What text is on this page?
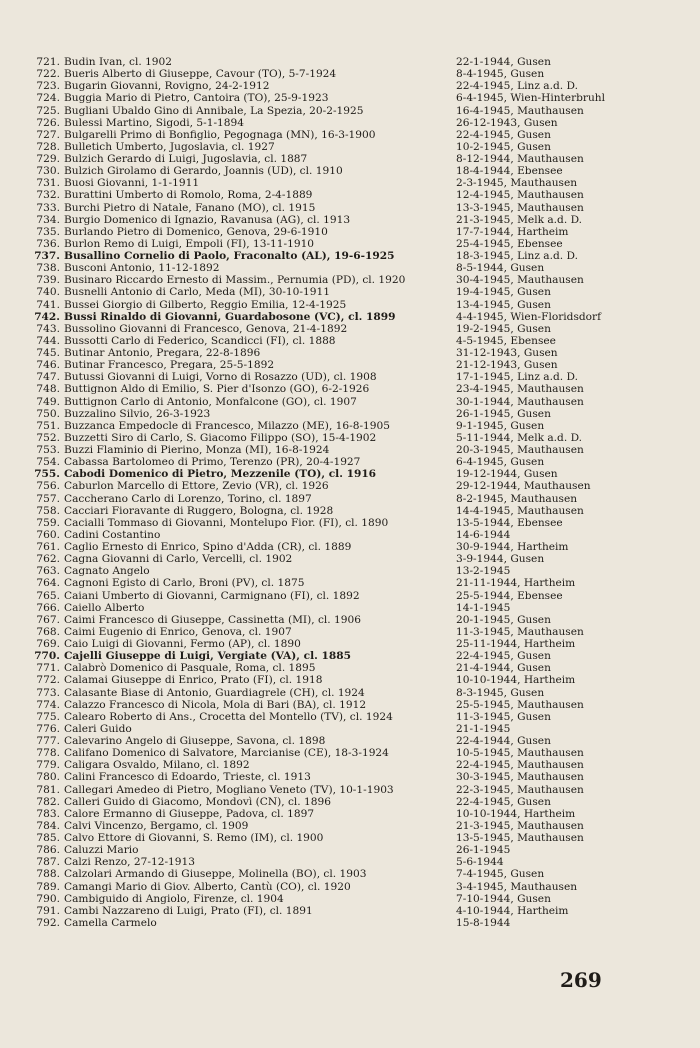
721. Budin Ivan, cl. 1902	22-1-1944, Gusen
722. Bueris Alberto di Giuseppe, Cavour (TO), 5-7-1924	8-4-1945, Gusen
723. Bugarin Giovanni, Rovigno, 24-2-1912	22-4-1945, Linz a.d. D.
724. Buggia Mario di Pietro, Cantoira (TO), 25-9-1923	6-4-1945, Wien-Hinterbruhl
725. Bugliani Ubaldo Gino di Annibale, La Spezia, 20-2-1925	16-4-1945, Mauthausen
726. Bulessi Martino, Sigodi, 5-1-1894	26-12-1943, Gusen
727. Bulgarelli Primo di Bonfiglio, Pegognaga (MN), 16-3-1900	22-4-1945, Gusen
728. Bulletich Umberto, Jugoslavia, cl. 1927	10-2-1945, Gusen
729. Bulzich Gerardo di Luigi, Jugoslavia, cl. 1887	8-12-1944, Mauthausen
730. Bulzich Girolamo di Gerardo, Joannis (UD), cl. 1910	18-4-1944, Ebensee
731. Buosi Giovanni, 1-1-1911	2-3-1945, Mauthausen
732. Burattini Umberto di Romolo, Roma, 2-4-1889	12-4-1945, Mauthausen
733. Burchi Pietro di Natale, Fanano (MO), cl. 1915	13-3-1945, Mauthausen
734. Burgio Domenico di Ignazio, Ravanusa (AG), cl. 1913	21-3-1945, Melk a.d. D.
735. Burlando Pietro di Domenico, Genova, 29-6-1910	17-7-1944, Hartheim
736. Burlon Remo di Luigi, Empoli (FI), 13-11-1910	25-4-1945, Ebensee
737. Busallino Cornelio di Paolo, Fraconalto (AL), 19-6-1925	18-3-1945, Linz a.d. D.
738. Busconi Antonio, 11-12-1892	8-5-1944, Gusen
739. Businaro Riccardo Ernesto di Massim., Pernumia (PD), cl. 1920	30-4-1945, Mauthausen
740. Busnelli Antonio di Carlo, Meda (MI), 30-10-1911	19-4-1945, Gusen
741. Bussei Giorgio di Gilberto, Reggio Emilia, 12-4-1925	13-4-1945, Gusen
742. Bussi Rinaldo di Giovanni, Guardabosone (VC), cl. 1899	4-4-1945, Wien-Floridsdorf
743. Bussolino Giovanni di Francesco, Genova, 21-4-1892	19-2-1945, Gusen
744. Bussotti Carlo di Federico, Scandicci (FI), cl. 1888	4-5-1945, Ebensee
745. Butinar Antonio, Pregara, 22-8-1896	31-12-1943, Gusen
746. Butinar Francesco, Pregara, 25-5-1892	21-12-1943, Gusen
747. Butussi Giovanni di Luigi, Vorno di Rosazzo (UD), cl. 1908	17-1-1945, Linz a.d. D.
748. Buttignon Aldo di Emilio, S. Pier d'Isonzo (GO), 6-2-1926	23-4-1945, Mauthausen
749. Buttignon Carlo di Antonio, Monfalcone (GO), cl. 1907	30-1-1944, Mauthausen
750. Buzzalino Silvio, 26-3-1923	26-1-1945, Gusen
751. Buzzanca Empedocle di Francesco, Milazzo (ME), 16-8-1905	9-1-1945, Gusen
752. Buzzetti Siro di Carlo, S. Giacomo Filippo (SO), 15-4-1902	5-11-1944, Melk a.d. D.
753. Buzzi Flaminio di Pierino, Monza (MI), 16-8-1924	20-3-1945, Mauthausen
754. Cabassa Bartolomeo di Primo, Terenzo (PR), 20-4-1927	6-4-1945, Gusen
755. Cabodi Domenico di Pietro, Mezzenile (TO), cl. 1916	19-12-1944, Gusen
756. Caburlon Marcello di Ettore, Zevio (VR), cl. 1926	29-12-1944, Mauthausen
757. Caccherano Carlo di Lorenzo, Torino, cl. 1897	8-2-1945, Mauthausen
758. Cacciari Fioravante di Ruggero, Bologna, cl. 1928	14-4-1945, Mauthausen
759. Cacialli Tommaso di Giovanni, Montelupo Fior. (FI), cl. 1890	13-5-1944, Ebensee
760. Cadini Costantino	14-6-1944
761. Caglio Ernesto di Enrico, Spino d'Adda (CR), cl. 1889	30-9-1944, Hartheim
762. Cagna Giovanni di Carlo, Vercelli, cl. 1902	3-9-1944, Gusen
763. Cagnato Angelo	13-2-1945
764. Cagnoni Egisto di Carlo, Broni (PV), cl. 1875	21-11-1944, Hartheim
765. Caiani Umberto di Giovanni, Carmignano (FI), cl. 1892	25-5-1944, Ebensee
766. Caiello Alberto	14-1-1945
767. Caimi Francesco di Giuseppe, Cassinetta (MI), cl. 1906	20-1-1945, Gusen
768. Caimi Eugenio di Enrico, Genova, cl. 1907	11-3-1945, Mauthausen
769. Caio Luigi di Giovanni, Fermo (AP), cl. 1890	25-11-1944, Hartheim
770. Cajelli Giuseppe di Luigi, Vergiate (VA), cl. 1885	22-4-1945, Gusen
771. Calabrò Domenico di Pasquale, Roma, cl. 1895	21-4-1944, Gusen
772. Calamai Giuseppe di Enrico, Prato (FI), cl. 1918	10-10-1944, Hartheim
773. Calasante Biase di Antonio, Guardiagrele (CH), cl. 1924	8-3-1945, Gusen
774. Calazzo Francesco di Nicola, Mola di Bari (BA), cl. 1912	25-5-1945, Mauthausen
775. Calearo Roberto di Ans., Crocetta del Montello (TV), cl. 1924	11-3-1945, Gusen
776. Caleri Guido	21-1-1945
777. Calevarino Angelo di Giuseppe, Savona, cl. 1898	22-4-1944, Gusen
778. Califano Domenico di Salvatore, Marcianise (CE), 18-3-1924	10-5-1945, Mauthausen
779. Caligara Osvaldo, Milano, cl. 1892	22-4-1945, Mauthausen
780. Calini Francesco di Edoardo, Trieste, cl. 1913	30-3-1945, Mauthausen
781. Callegari Amedeo di Pietro, Mogliano Veneto (TV), 10-1-1903	22-3-1945, Mauthausen
782. Calleri Guido di Giacomo, Mondovì (CN), cl. 1896	22-4-1945, Gusen
783. Calore Ermanno di Giuseppe, Padova, cl. 1897	10-10-1944, Hartheim
784. Calvi Vincenzo, Bergamo, cl. 1909	21-3-1945, Mauthausen
785. Calvo Ettore di Giovanni, S. Remo (IM), cl. 1900	13-5-1945, Mauthausen
786. Caluzzi Mario	26-1-1945
787. Calzi Renzo, 27-12-1913	5-6-1944
788. Calzolari Armando di Giuseppe, Molinella (BO), cl. 1903	7-4-1945, Gusen
789. Camangi Mario di Giov. Alberto, Cantù (CO), cl. 1920	3-4-1945, Mauthausen
790. Cambiguido di Angiolo, Firenze, cl. 1904	7-10-1944, Gusen
791. Cambi Nazzareno di Luigi, Prato (FI), cl. 1891	4-10-1944, Hartheim
792. Camella Carmelo	15-8-1944
269
